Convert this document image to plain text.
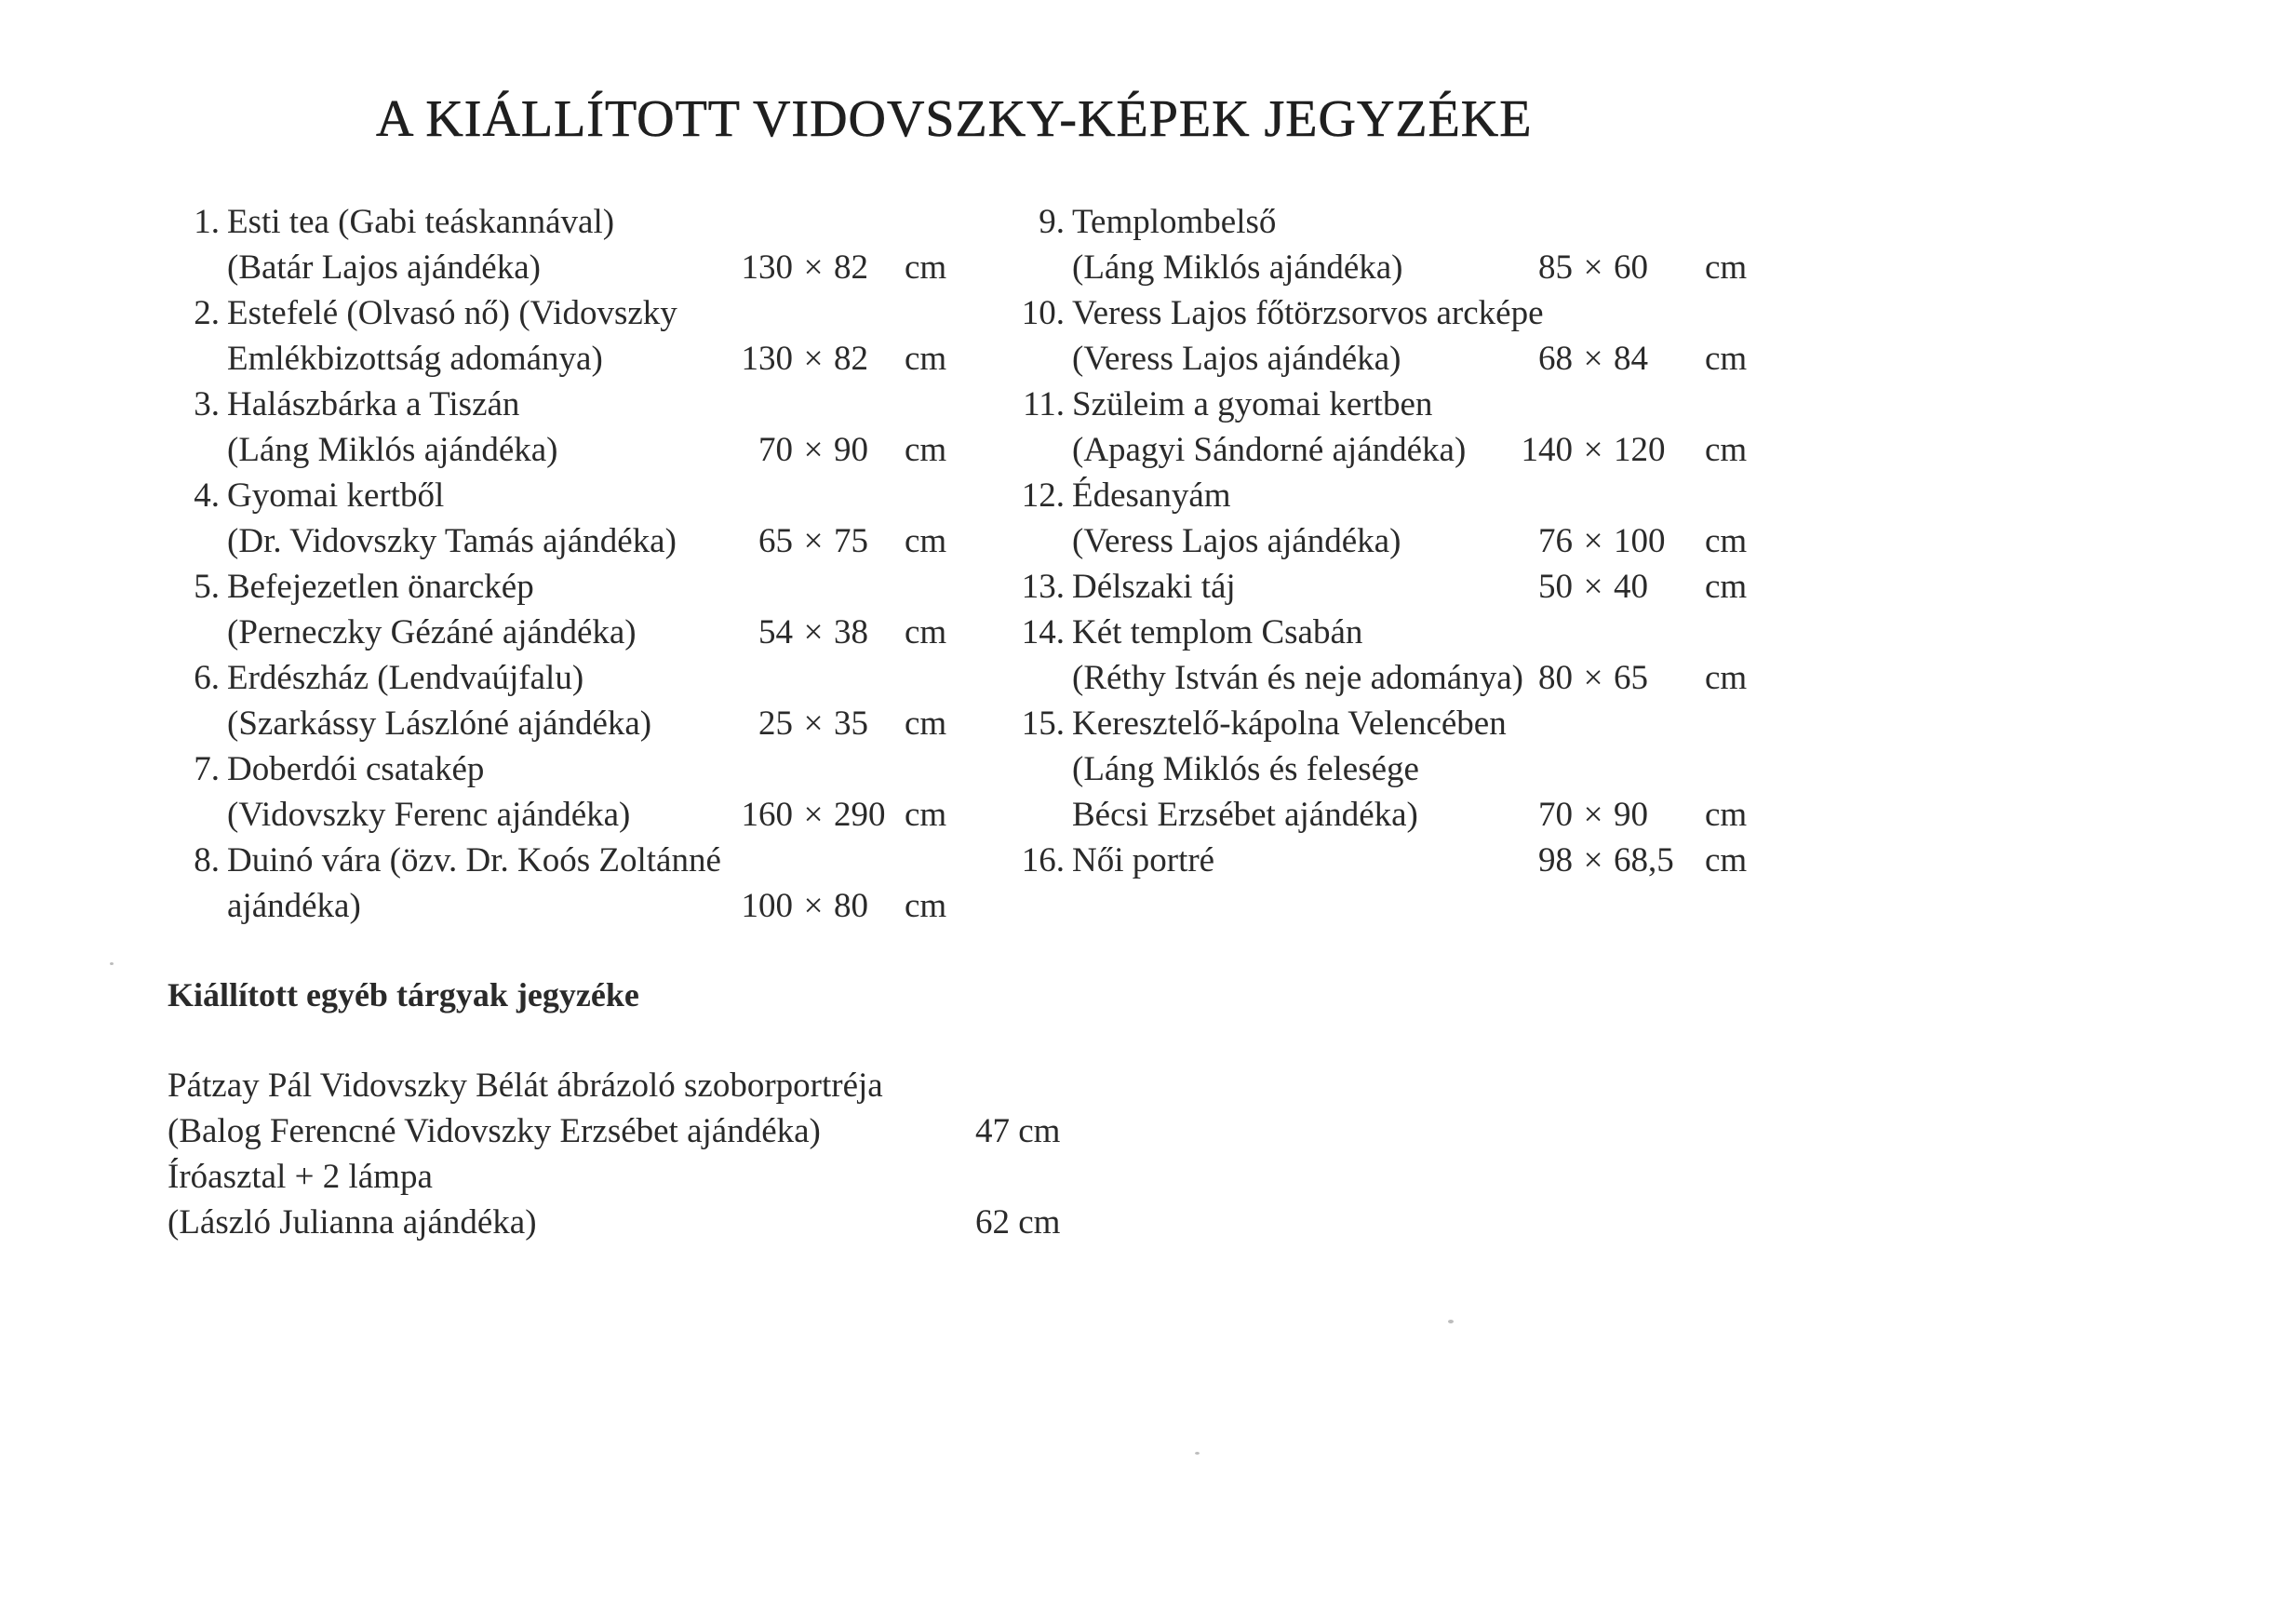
A KIÁLLÍTOTT VIDOVSZKY-KÉPEK JEGYZÉKE
1. Esti tea (Gabi teáskannával)
(Batár Lajos ajándéka)	130 × 82 cm
2. Estefelé (Olvasó nő) (Vidovszky
Emlékbizottság adománya)	130 × 82 cm
3. Halászbárka a Tiszán
(Láng Miklós ajándéka)	70 × 90 cm
4. Gyomai kertből
(Dr. Vidovszky Tamás ajándéka)	65 × 75 cm
5. Befejezetlen önarckép
(Perneczky Gézáné ajándéka)	54 × 38 cm
6. Erdészház (Lendvaújfalu)
(Szarkássy Lászlóné ajándéka)	25 × 35 cm
7. Doberdói csatakép
(Vidovszky Ferenc ajándéka)	160 × 290 cm
8. Duinó vára (özv. Dr. Koós Zoltánné
ajándéka)	100 × 80 cm
9. Templombelső
(Láng Miklós ajándéka)	85 × 60 cm
10. Veress Lajos főtörzsorvos arcképe
(Veress Lajos ajándéka)	68 × 84 cm
11. Szüleim a gyomai kertben
(Apagyi Sándorné ajándéka)	140 × 120 cm
12. Édesanyám
(Veress Lajos ajándéka)	76 × 100 cm
13. Délszaki táj	50 × 40 cm
14. Két templom Csabán
(Réthy István és neje adománya) 80 × 65 cm
15. Keresztelő-kápolna Velencében
(Láng Miklós és felesége
Bécsi Erzsébet ajándéka)	70 × 90 cm
16. Női portré	98 × 68,5 cm
Kiállított egyéb tárgyak jegyzéke
Pátzay Pál Vidovszky Bélát ábrázoló szoborportréja
(Balog Ferencné Vidovszky Erzsébet ajándéka)	47 cm
Íróasztal + 2 lámpa
(László Julianna ajándéka)	62 cm
